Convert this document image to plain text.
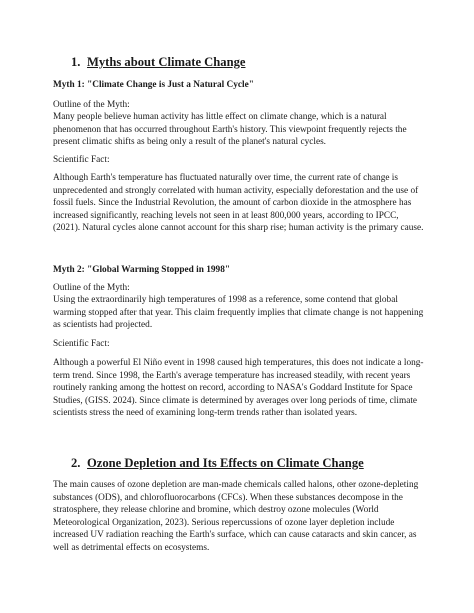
1. Myths about Climate Change

Myth 1: "Climate Change is Just a Natural Cycle"

Outline of the Myth:

Many people believe human activity has little effect on climate change, which is a natural phenomenon that has occurred throughout Earth's history. This viewpoint frequently rejects the present climatic shifts as being only a result of the planet's natural cycles.

Scientific Fact:

Although Earth's temperature has fluctuated naturally over time, the current rate of change is unprecedented and strongly correlated with human activity, especially deforestation and the use of fossil fuels. Since the Industrial Revolution, the amount of carbon dioxide in the atmosphere has increased significantly, reaching levels not seen in at least 800,000 years, according to IPCC, (2021). Natural cycles alone cannot account for this sharp rise; human activity is the primary cause.

Myth 2: "Global Warming Stopped in 1998"

Outline of the Myth:

Using the extraordinarily high temperatures of 1998 as a reference, some contend that global warming stopped after that year. This claim frequently implies that climate change is not happening as scientists had projected.

Scientific Fact:

Although a powerful El Niño event in 1998 caused high temperatures, this does not indicate a long-term trend. Since 1998, the Earth's average temperature has increased steadily, with recent years routinely ranking among the hottest on record, according to NASA's Goddard Institute for Space Studies, (GISS. 2024). Since climate is determined by averages over long periods of time, climate scientists stress the need of examining long-term trends rather than isolated years.

2. Ozone Depletion and Its Effects on Climate Change

The main causes of ozone depletion are man-made chemicals called halons, other ozone-depleting substances (ODS), and chlorofluorocarbons (CFCs). When these substances decompose in the stratosphere, they release chlorine and bromine, which destroy ozone molecules (World Meteorological Organization, 2023). Serious repercussions of ozone layer depletion include increased UV radiation reaching the Earth's surface, which can cause cataracts and skin cancer, as well as detrimental effects on ecosystems.
